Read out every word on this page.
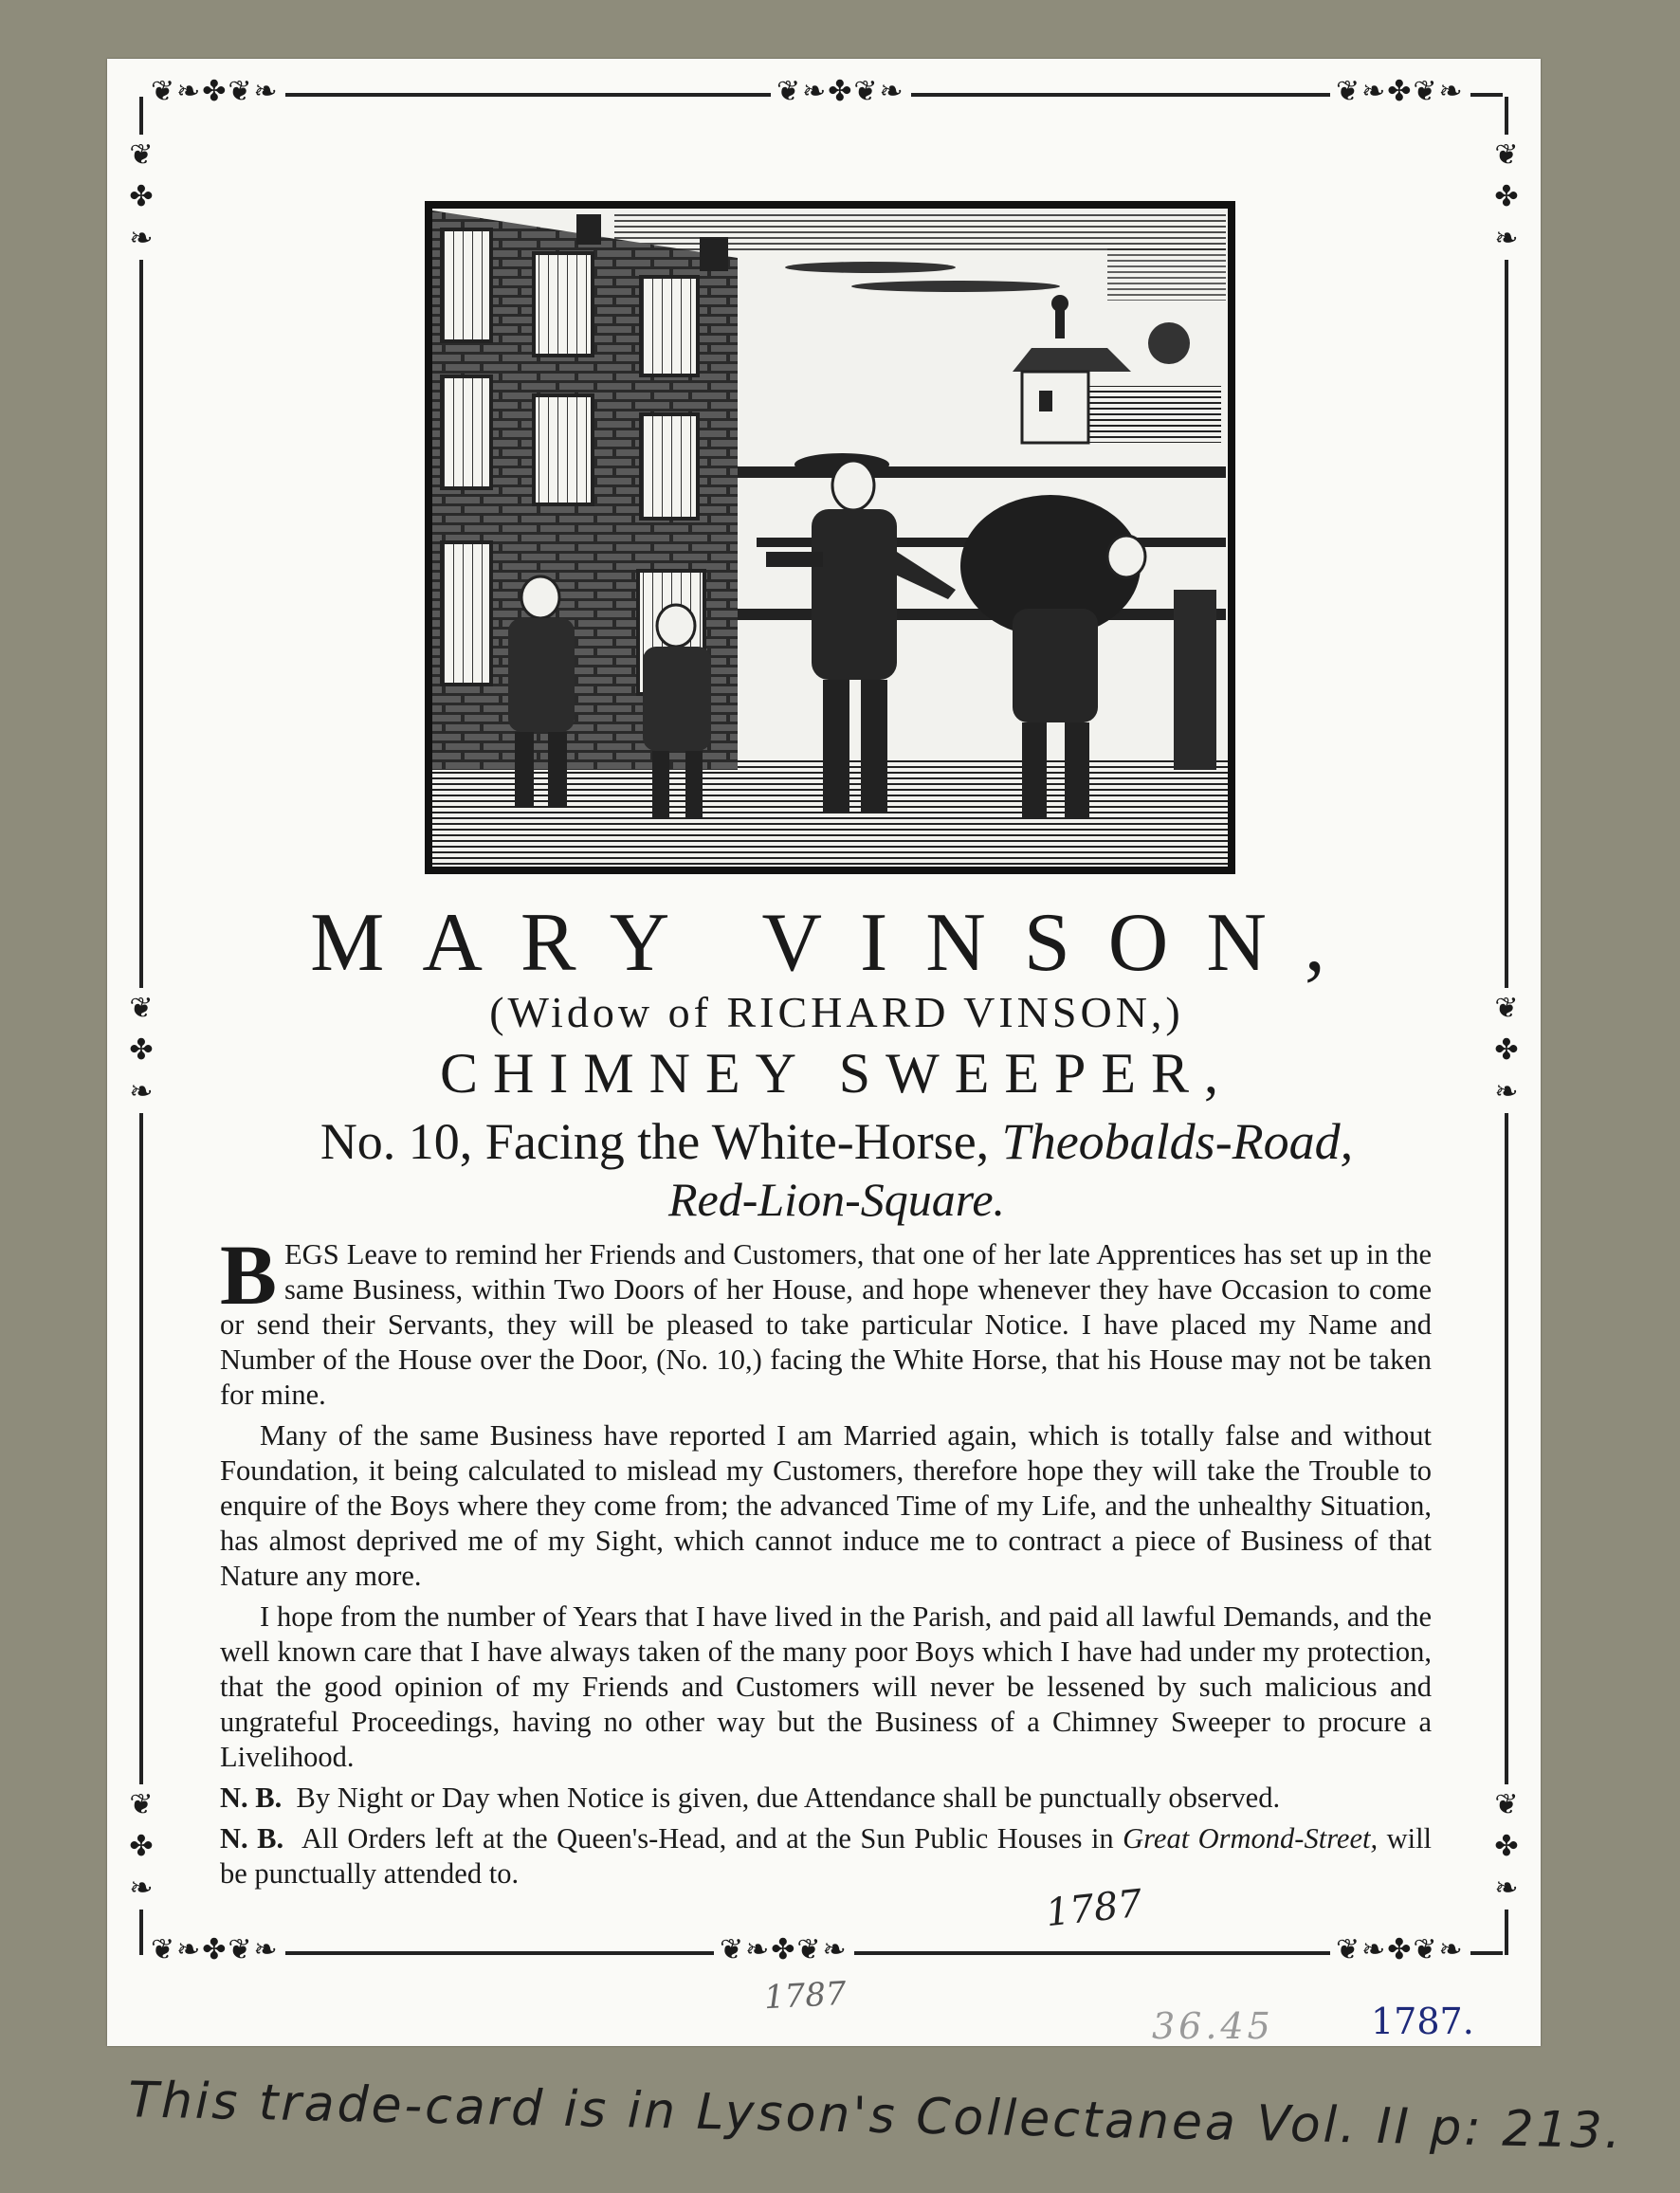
❦❧✤❦❧	❦❧✤❦❧	❦❧✤❦❧
❦❧✤❦❧	❦❧✤❦❧	❦❧✤❦❧
❦
✤
❧
❦
✤
❧
❦
✤
❧
❦
✤
❧
❦
✤
❧
❦
✤
❧
MARY VINSON,
(Widow of RICHARD VINSON,)
CHIMNEY SWEEPER,
No. 10, Facing the White-Horse, Theobalds-Road,
Red-Lion-Square.

BEGS Leave to remind her Friends and Customers, that one of her late Apprentices has set up in the same Business, within Two Doors of her House, and hope whenever they have Occasion to come or send their Servants, they will be pleased to take particular Notice. I have placed my Name and Number of the House over the Door, (No. 10,) facing the White Horse, that his House may not be taken for mine.

Many of the same Business have reported I am Married again, which is totally false and without Foundation, it being calculated to mislead my Customers, therefore hope they will take the Trouble to enquire of the Boys where they come from; the advanced Time of my Life, and the unhealthy Situation, has almost deprived me of my Sight, which cannot induce me to contract a piece of Business of that Nature any more.

I hope from the number of Years that I have lived in the Parish, and paid all lawful Demands, and the well known care that I have always taken of the many poor Boys which I have had under my protection, that the good opinion of my Friends and Customers will never be lessened by such malicious and ungrateful Proceedings, having no other way but the Business of a Chimney Sweeper to procure a Livelihood.

N. B. By Night or Day when Notice is given, due Attendance shall be punctually observed.

N. B. All Orders left at the Queen's-Head, and at the Sun Public Houses in Great Ormond-Street, will be punctually attended to.

1787
1787
36.45	1787.
This trade-card is in Lyson's Collectanea Vol. II p: 213.
